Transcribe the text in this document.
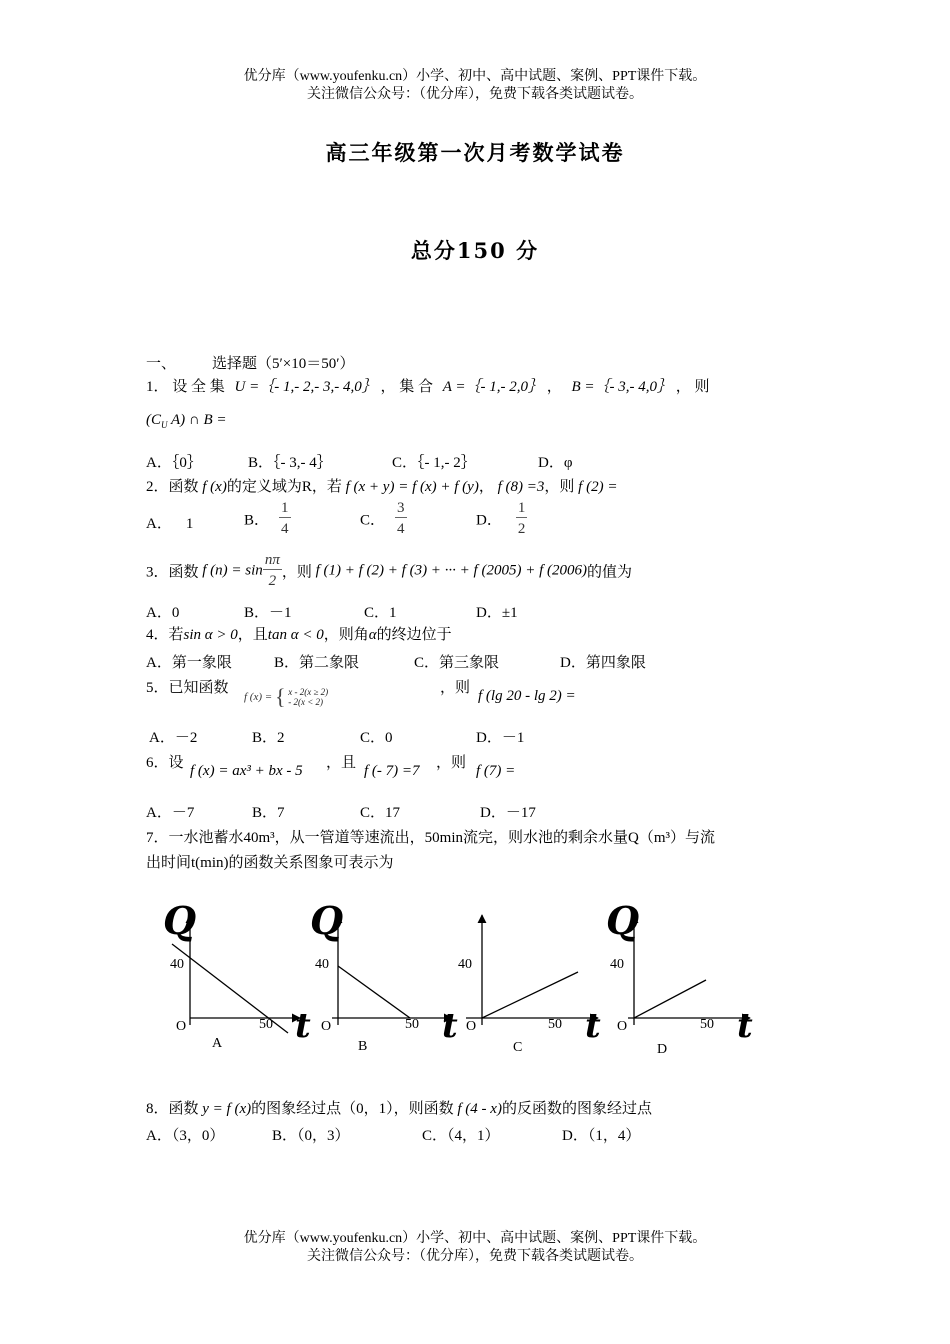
优分库（www.youfenku.cn）小学、初中、高中试题、案例、PPT课件下载。
关注微信公众号：（优分库），免费下载各类试题试卷。
高三年级第一次月考数学试卷
总分150 分
一、 选择题（5′×10＝50′）
1． 设 全 集 U =｛- 1,- 2,- 3,- 4,0｝ ， 集 合 A =｛- 1,- 2,0｝ ， B =｛- 3,- 4,0｝ ， 则
($C_U$ A) ∩ B =
A．｛0｝	B．｛- 3,- 4｝	C．｛- 1,- 2｝	D．φ
2．函数 f (x)的定义域为R，若 f (x + y) = f (x) + f (y)， f (8) =3，则 f (2) =
A． 1	B． $\frac{1}{4}$	C． $\frac{3}{4}$	D． $\frac{1}{2}$
3．函数 f $(n) = \sin \frac{n\pi}{2}$ ，则 f (1) + f (2) + f (3) + ··· + f (2005) + f (2006)的值为
A．0	B．－1	C．1	D．±1
4．若sin α > 0，且tan α < 0，则角α的终边位于
A．第一象限	B．第二象限	C．第三象限	D．第四象限
5．已知函数
f (x) = { x - 2(x ≥ 2)
- 2(x < 2)
，则 f (lg 20 - lg 2) =
A．－2	B．2	C．0	D．－1
6．设 f (x) = ax³ + bx - 5 ，且 f (- 7) =7 ，则 f (7) =
A．－7	B．7	C．17	D．－17
7．一水池蓄水40m³，从一管道等速流出，50min流完，则水池的剩余水量Q（m³）与流
出时间t(min)的函数关系图象可表示为
Q
40
O	50 t
A
Q
40
O	50 t
B
40
O	50 t
C
Q
40
O	50 t
D
8．函数 y = f (x)的图象经过点（0，1），则函数 f (4 - x)的反函数的图象经过点
A．（3，0）	B．（0，3）	C．（4，1）	D．（1，4）
优分库（www.youfenku.cn）小学、初中、高中试题、案例、PPT课件下载。
关注微信公众号：（优分库），免费下载各类试题试卷。
